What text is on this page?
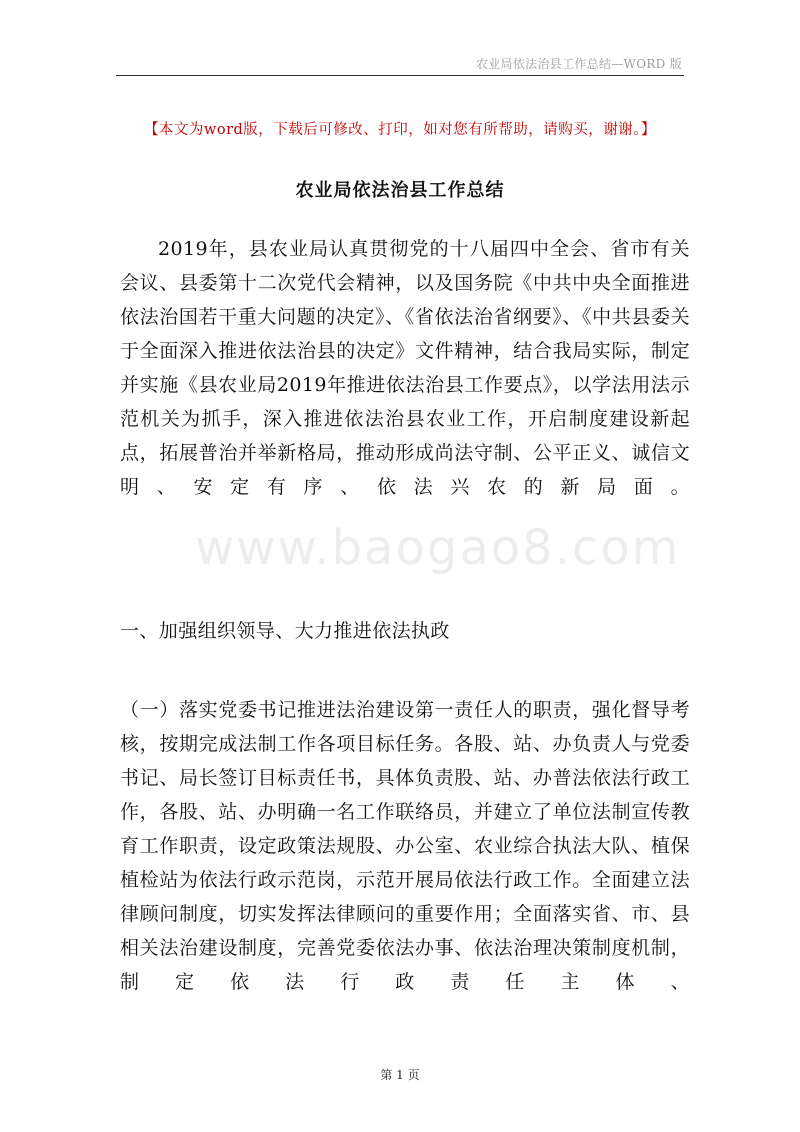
农业局依法治县工作总结—WORD 版
【本文为word版，下载后可修改、打印，如对您有所帮助，请购买，谢谢。】
农业局依法治县工作总结

2019年，县农业局认真贯彻党的十八届四中全会、省市有关会议、县委第十二次党代会精神，以及国务院《中共中央全面推进依法治国若干重大问题的决定》、《省依法治省纲要》、《中共县委关于全面深入推进依法治县的决定》文件精神，结合我局实际，制定并实施《县农业局2019年推进依法治县工作要点》，以学法用法示范机关为抓手，深入推进依法治县农业工作，开启制度建设新起点，拓展普治并举新格局，推动形成尚法守制、公平正义、诚信文明、安定有序、依法兴农的新局面。

www.baogao8.com

一、加强组织领导、大力推进依法执政

（一）落实党委书记推进法治建设第一责任人的职责，强化督导考核，按期完成法制工作各项目标任务。各股、站、办负责人与党委书记、局长签订目标责任书，具体负责股、站、办普法依法行政工作，各股、站、办明确一名工作联络员，并建立了单位法制宣传教育工作职责，设定政策法规股、办公室、农业综合执法大队、植保植检站为依法行政示范岗，示范开展局依法行政工作。全面建立法律顾问制度，切实发挥法律顾问的重要作用；全面落实省、市、县相关法治建设制度，完善党委依法办事、依法治理决策制度机制，制定依法行政责任主体、

第 1 页
